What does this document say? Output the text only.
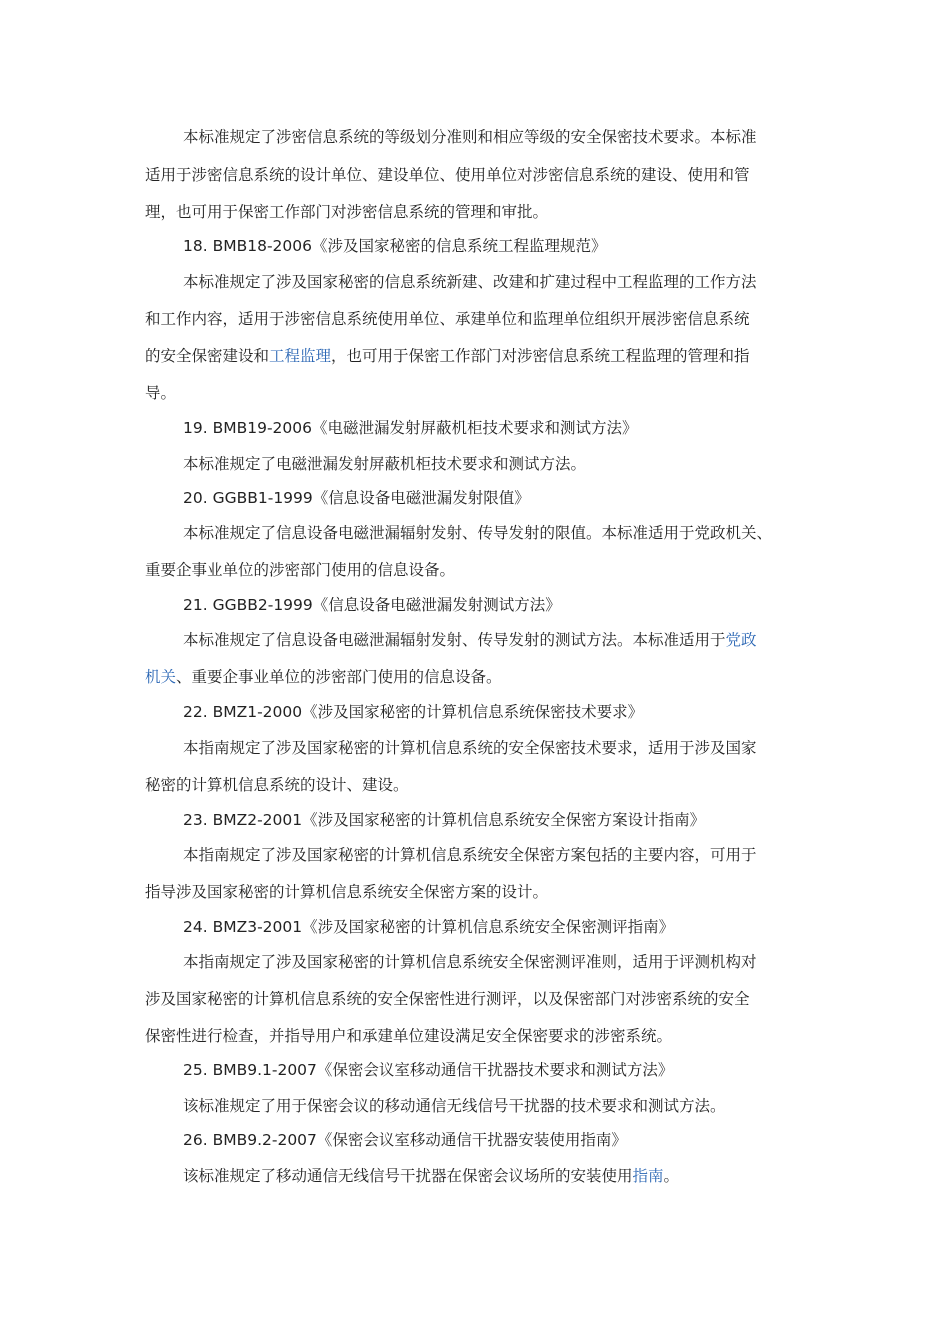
本标准规定了涉密信息系统的等级划分准则和相应等级的安全保密技术要求。本标准
适用于涉密信息系统的设计单位、建设单位、使用单位对涉密信息系统的建设、使用和管
理，也可用于保密工作部门对涉密信息系统的管理和审批。
18. BMB18-2006《涉及国家秘密的信息系统工程监理规范》
本标准规定了涉及国家秘密的信息系统新建、改建和扩建过程中工程监理的工作方法
和工作内容，适用于涉密信息系统使用单位、承建单位和监理单位组织开展涉密信息系统
的安全保密建设和工程监理，也可用于保密工作部门对涉密信息系统工程监理的管理和指
导。
19. BMB19-2006《电磁泄漏发射屏蔽机柜技术要求和测试方法》
本标准规定了电磁泄漏发射屏蔽机柜技术要求和测试方法。
20. GGBB1-1999《信息设备电磁泄漏发射限值》
本标准规定了信息设备电磁泄漏辐射发射、传导发射的限值。本标准适用于党政机关、
重要企事业单位的涉密部门使用的信息设备。
21. GGBB2-1999《信息设备电磁泄漏发射测试方法》
本标准规定了信息设备电磁泄漏辐射发射、传导发射的测试方法。本标准适用于党政
机关、重要企事业单位的涉密部门使用的信息设备。
22. BMZ1-2000《涉及国家秘密的计算机信息系统保密技术要求》
本指南规定了涉及国家秘密的计算机信息系统的安全保密技术要求，适用于涉及国家
秘密的计算机信息系统的设计、建设。
23. BMZ2-2001《涉及国家秘密的计算机信息系统安全保密方案设计指南》
本指南规定了涉及国家秘密的计算机信息系统安全保密方案包括的主要内容，可用于
指导涉及国家秘密的计算机信息系统安全保密方案的设计。
24. BMZ3-2001《涉及国家秘密的计算机信息系统安全保密测评指南》
本指南规定了涉及国家秘密的计算机信息系统安全保密测评准则，适用于评测机构对
涉及国家秘密的计算机信息系统的安全保密性进行测评，以及保密部门对涉密系统的安全
保密性进行检查，并指导用户和承建单位建设满足安全保密要求的涉密系统。
25. BMB9.1-2007《保密会议室移动通信干扰器技术要求和测试方法》
该标准规定了用于保密会议的移动通信无线信号干扰器的技术要求和测试方法。
26. BMB9.2-2007《保密会议室移动通信干扰器安装使用指南》
该标准规定了移动通信无线信号干扰器在保密会议场所的安装使用指南。
